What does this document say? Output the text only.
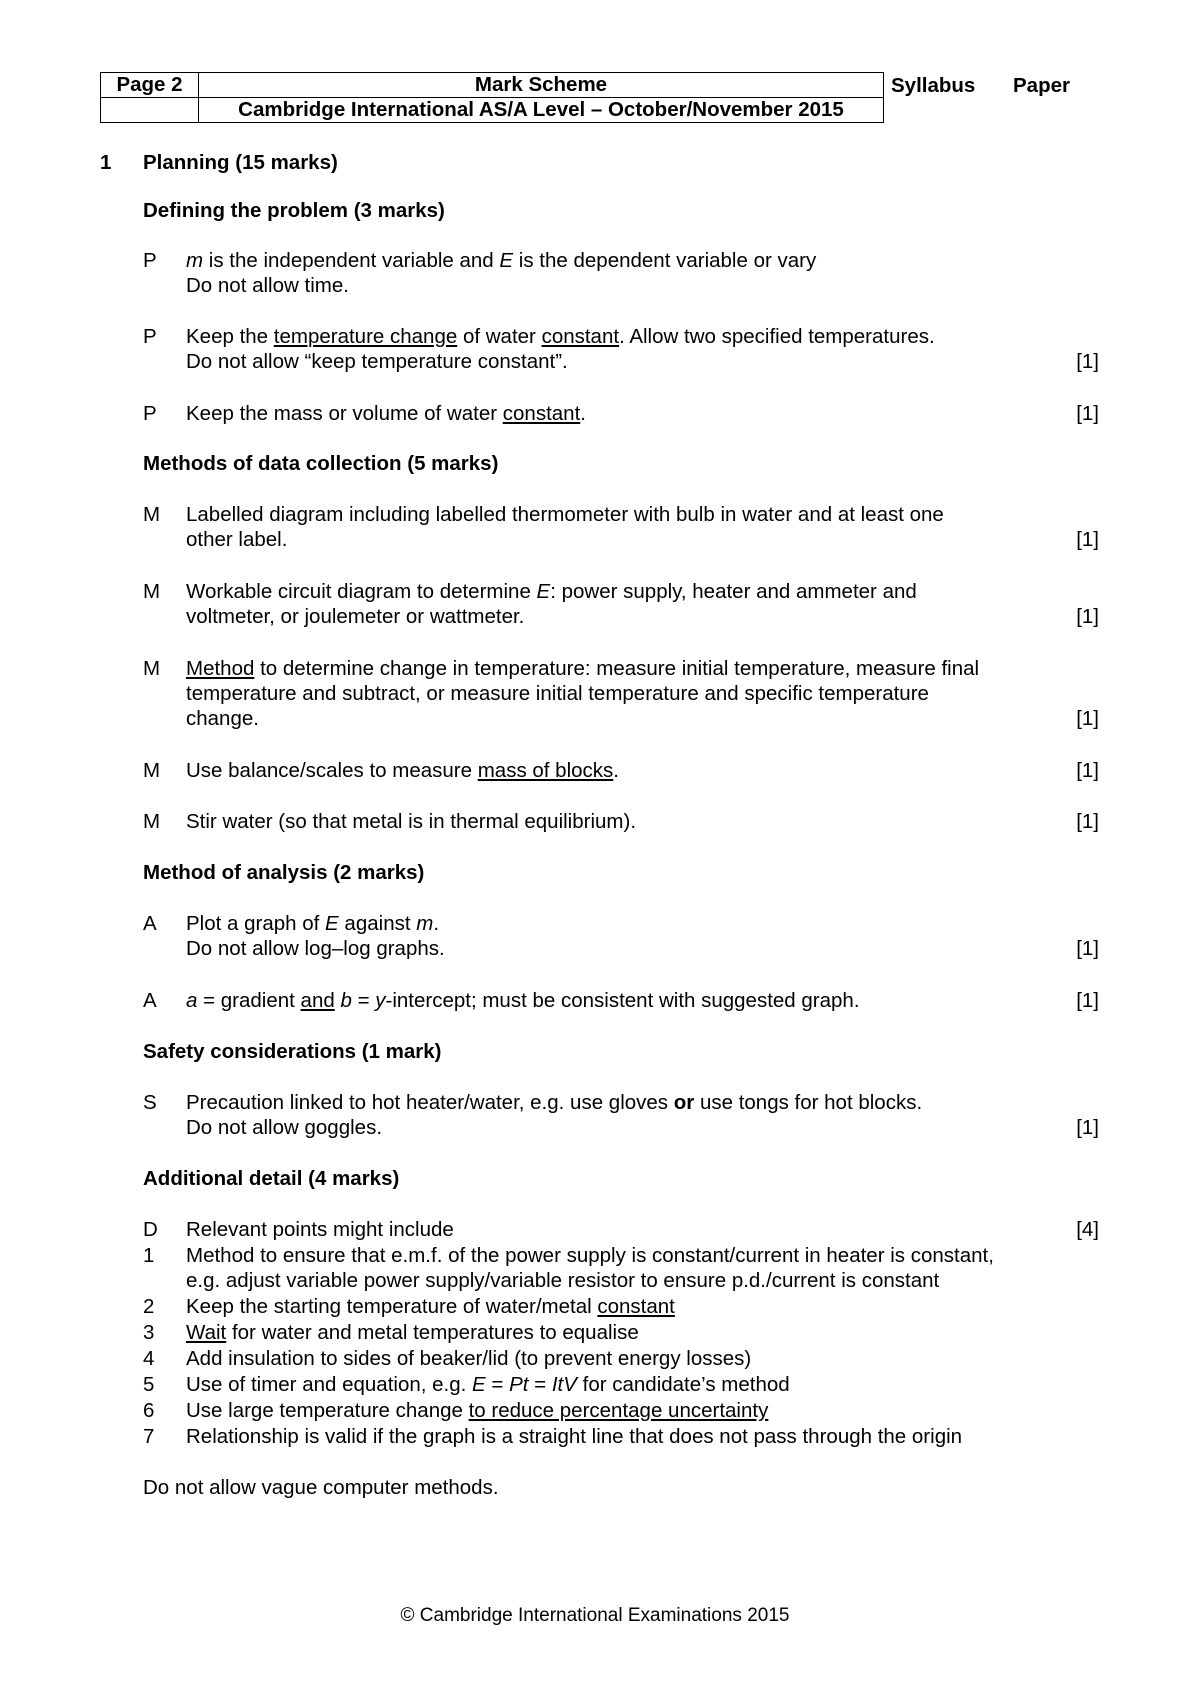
Page 2	Mark Scheme
	Cambridge International AS/A Level – October/November 2015
Syllabus Paper
1 Planning (15 marks)
Defining the problem (3 marks)
P m is the independent variable and E is the dependent variable or vary
Do not allow time.
P Keep the temperature change of water constant. Allow two specified temperatures.
Do not allow “keep temperature constant”.	[1]
P Keep the mass or volume of water constant.	[1]
Methods of data collection (5 marks)
M Labelled diagram including labelled thermometer with bulb in water and at least one
other label.	[1]
M Workable circuit diagram to determine E: power supply, heater and ammeter and
voltmeter, or joulemeter or wattmeter.	[1]
M Method to determine change in temperature: measure initial temperature, measure final
temperature and subtract, or measure initial temperature and specific temperature
change.	[1]
M Use balance/scales to measure mass of blocks.	[1]
M Stir water (so that metal is in thermal equilibrium).	[1]
Method of analysis (2 marks)
A Plot a graph of E against m.
Do not allow log–log graphs.	[1]
A a = gradient and b = y-intercept; must be consistent with suggested graph.	[1]
Safety considerations (1 mark)
S Precaution linked to hot heater/water, e.g. use gloves or use tongs for hot blocks.
Do not allow goggles.	[1]
Additional detail (4 marks)
D Relevant points might include	[4]
1 Method to ensure that e.m.f. of the power supply is constant/current in heater is constant,
e.g. adjust variable power supply/variable resistor to ensure p.d./current is constant
2 Keep the starting temperature of water/metal constant
3 Wait for water and metal temperatures to equalise
4 Add insulation to sides of beaker/lid (to prevent energy losses)
5 Use of timer and equation, e.g. E = Pt = ItV for candidate’s method
6 Use large temperature change to reduce percentage uncertainty
7 Relationship is valid if the graph is a straight line that does not pass through the origin
Do not allow vague computer methods.
© Cambridge International Examinations 2015
